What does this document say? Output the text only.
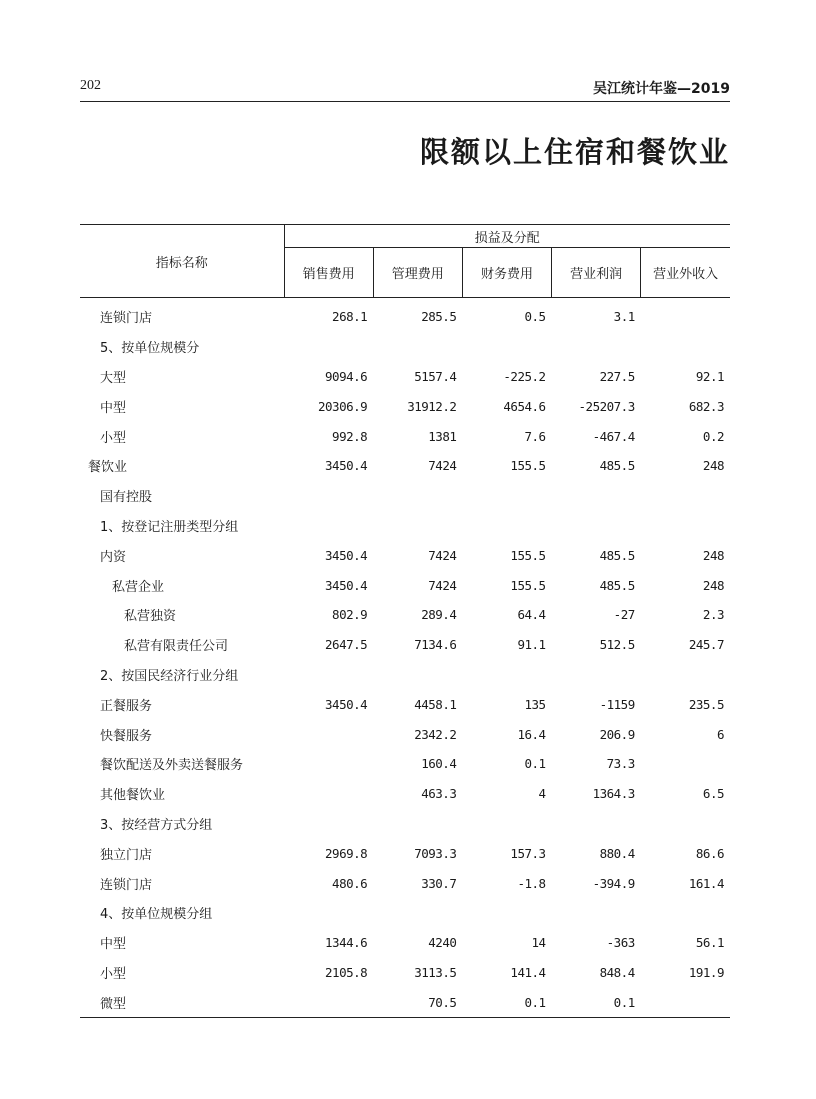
202	吴江统计年鉴—2019
限额以上住宿和餐饮业
指标名称	损益及分配				
	销售费用	管理费用	财务费用	营业利润	营业外收入
连锁门店	268.1	285.5	0.5	3.1	
5、按单位规模分					
大型	9094.6	5157.4	-225.2	227.5	92.1
中型	20306.9	31912.2	4654.6	-25207.3	682.3
小型	992.8	1381	7.6	-467.4	0.2
餐饮业	3450.4	7424	155.5	485.5	248
国有控股					
1、按登记注册类型分组					
内资	3450.4	7424	155.5	485.5	248
私营企业	3450.4	7424	155.5	485.5	248
私营独资	802.9	289.4	64.4	-27	2.3
私营有限责任公司	2647.5	7134.6	91.1	512.5	245.7
2、按国民经济行业分组					
正餐服务	3450.4	4458.1	135	-1159	235.5
快餐服务		2342.2	16.4	206.9	6
餐饮配送及外卖送餐服务		160.4	0.1	73.3	
其他餐饮业		463.3	4	1364.3	6.5
3、按经营方式分组					
独立门店	2969.8	7093.3	157.3	880.4	86.6
连锁门店	480.6	330.7	-1.8	-394.9	161.4
4、按单位规模分组					
中型	1344.6	4240	14	-363	56.1
小型	2105.8	3113.5	141.4	848.4	191.9
微型		70.5	0.1	0.1	
